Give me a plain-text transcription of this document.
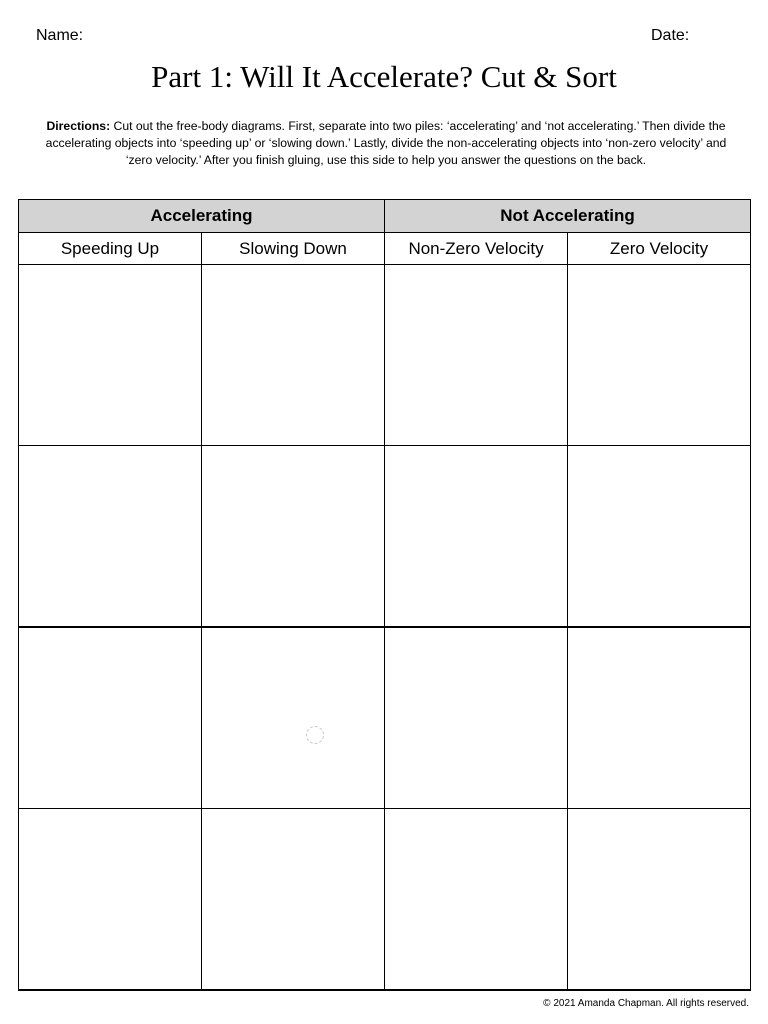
Name:	Date:
Part 1: Will It Accelerate? Cut & Sort
Directions: Cut out the free-body diagrams. First, separate into two piles: ‘accelerating’ and ‘not accelerating.’ Then divide the accelerating objects into ‘speeding up’ or ‘slowing down.’ Lastly, divide the non-accelerating objects into ‘non-zero velocity’ and ‘zero velocity.’ After you finish gluing, use this side to help you answer the questions on the back.
Accelerating		Not Accelerating	
Speeding Up	Slowing Down	Non-Zero Velocity	Zero Velocity

© 2021 Amanda Chapman. All rights reserved.
